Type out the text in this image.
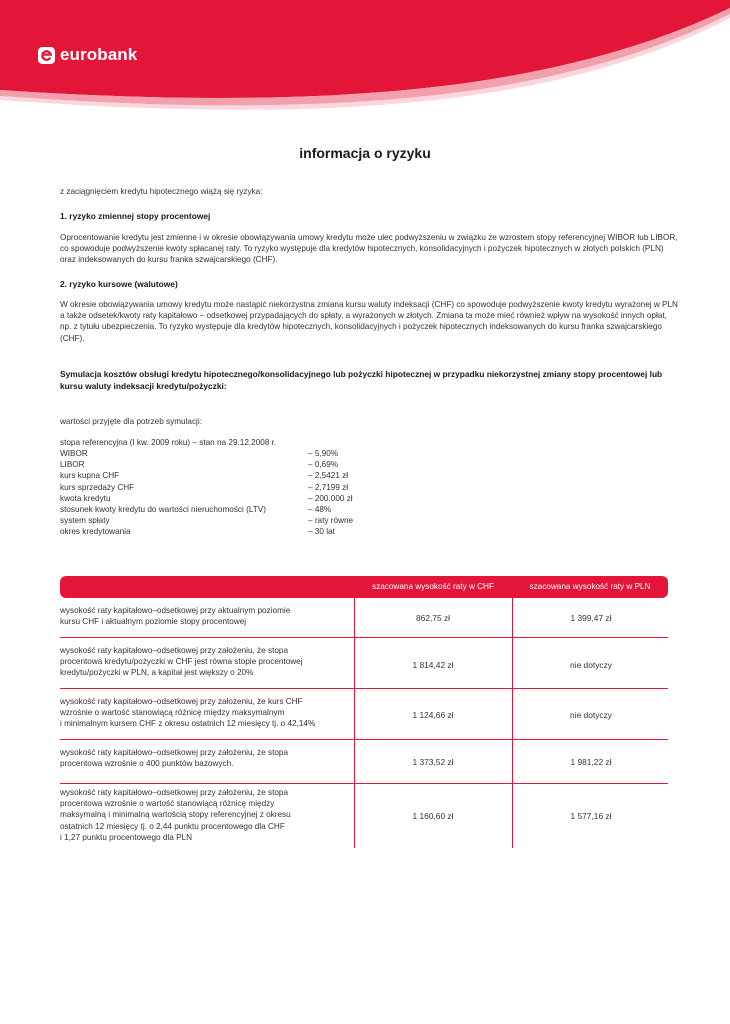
eurobank
informacja o ryzyku
z zaciągnięciem kredytu hipotecznego wiążą się ryzyka:
1. ryzyko zmiennej stopy procentowej
Oprocentowanie kredytu jest zmienne i w okresie obowiązywania umowy kredytu może ulec podwyższeniu w związku ze wzrostem stopy referencyjnej WIBOR lub LIBOR, co spowoduje podwyższenie kwoty spłacanej raty. To ryzyko występuje dla kredytów hipotecznych, konsolidacyjnych i pożyczek hipotecznych w złotych polskich (PLN) oraz indeksowanych do kursu franka szwajcarskiego (CHF).
2. ryzyko kursowe (walutowe)
W okresie obowiązywania umowy kredytu może nastąpić niekorzystna zmiana kursu waluty indeksacji (CHF) co spowoduje podwyższenie kwoty kredytu wyrażonej w PLN a także odsetek/kwoty raty kapitałowo – odsetkowej przypadających do spłaty, a wyrażonych w złotych. Zmiana ta może mieć również wpływ na wysokość innych opłat, np. z tytułu ubezpieczenia. To ryzyko występuje dla kredytów hipotecznych, konsolidacyjnych i pożyczek hipotecznych indeksowanych do kursu franka szwajcarskiego (CHF).
Symulacja kosztów obsługi kredytu hipotecznego/konsolidacyjnego lub pożyczki hipotecznej w przypadku niekorzystnej zmiany stopy procentowej lub kursu waluty indeksacji kredytu/pożyczki:
wartości przyjęte dla potrzeb symulacji:
stopa referencyjna (I kw. 2009 roku) – stan na 29.12.2008 r.
WIBOR	– 5,90%
LIBOR	– 0,69%
kurs kupna CHF	– 2,5421 zł
kurs sprzedaży CHF	– 2,7199 zł
kwota kredytu	– 200.000 zł
stosunek kwoty kredytu do wartości nieruchomości (LTV)	– 48%
system spłaty	– raty równe
okres kredytowania	– 30 lat
szacowana wysokość raty w CHF	szacowana wysokość raty w PLN
wysokość raty kapitałowo–odsetkowej przy aktualnym poziomie
kursu CHF i aktualnym poziomie stopy procentowej	862,75 zł	1 399,47 zł
wysokość raty kapitałowo–odsetkowej przy założeniu, że stopa
procentowa kredytu/pożyczki w CHF jest równa stopie procentowej
kredytu/pożyczki w PLN, a kapitał jest większy o 20%
1 814,42 zł	nie dotyczy
wysokość raty kapitałowo–odsetkowej przy założeniu, że kurs CHF
wzrośnie o wartość stanowiącą różnicę między maksymalnym
i minimalnym kursem CHF z okresu ostatnich 12 miesięcy tj. o 42,14%
1 124,66 zł	nie dotyczy
wysokość raty kapitałowo–odsetkowej przy założeniu, że stopa
procentowa wzrośnie o 400 punktów bazowych.	1 373,52 zł	1 981,22 zł
wysokość raty kapitałowo–odsetkowej przy założeniu, że stopa
procentowa wzrośnie o wartość stanowiącą różnicę między
maksymalną i minimalną wartością stopy referencyjnej z okresu
ostatnich 12 miesięcy tj. o 2,44 punktu procentowego dla CHF
i 1,27 punktu procentowego dla PLN
1 160,60 zł	1 577,16 zł
